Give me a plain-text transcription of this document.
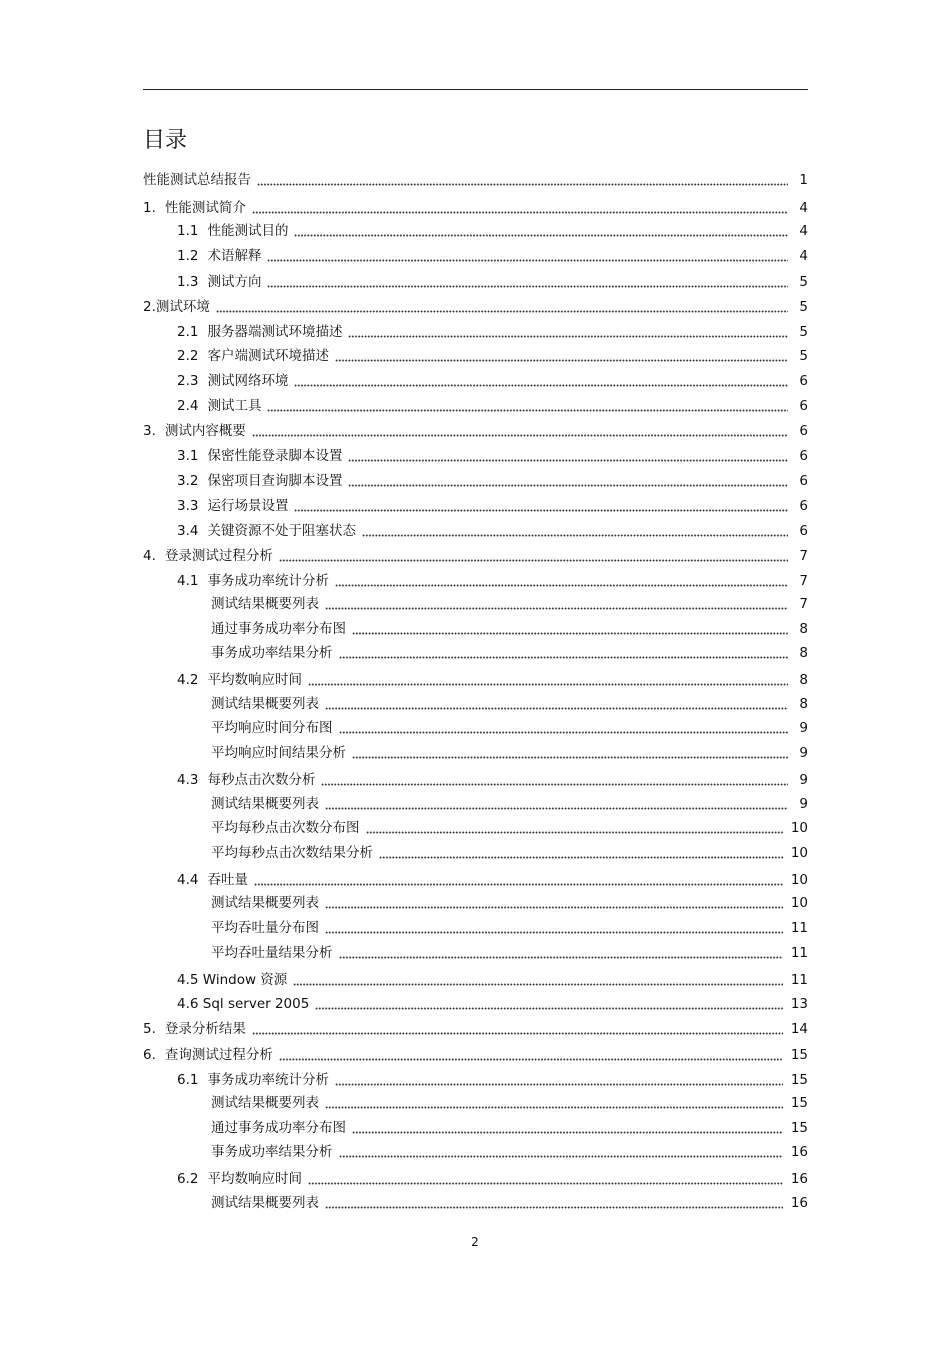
目录
性能测试总结报告	1
1. 性能测试简介	4
1.1 性能测试目的	4
1.2 术语解释	4
1.3 测试方向	5
2.测试环境	5
2.1 服务器端测试环境描述	5
2.2 客户端测试环境描述	5
2.3 测试网络环境	6
2.4 测试工具	6
3. 测试内容概要	6
3.1 保密性能登录脚本设置	6
3.2 保密项目查询脚本设置	6
3.3 运行场景设置	6
3.4 关键资源不处于阻塞状态	6
4. 登录测试过程分析	7
4.1 事务成功率统计分析	7
测试结果概要列表	7
通过事务成功率分布图	8
事务成功率结果分析	8
4.2 平均数响应时间	8
测试结果概要列表	8
平均响应时间分布图	9
平均响应时间结果分析	9
4.3 每秒点击次数分析	9
测试结果概要列表	9
平均每秒点击次数分布图	10
平均每秒点击次数结果分析	10
4.4 吞吐量	10
测试结果概要列表	10
平均吞吐量分布图	11
平均吞吐量结果分析	11
4.5 Window 资源	11
4.6 Sql server 2005	13
5. 登录分析结果	14
6. 查询测试过程分析	15
6.1 事务成功率统计分析	15
测试结果概要列表	15
通过事务成功率分布图	15
事务成功率结果分析	16
6.2 平均数响应时间	16
测试结果概要列表	16
2
